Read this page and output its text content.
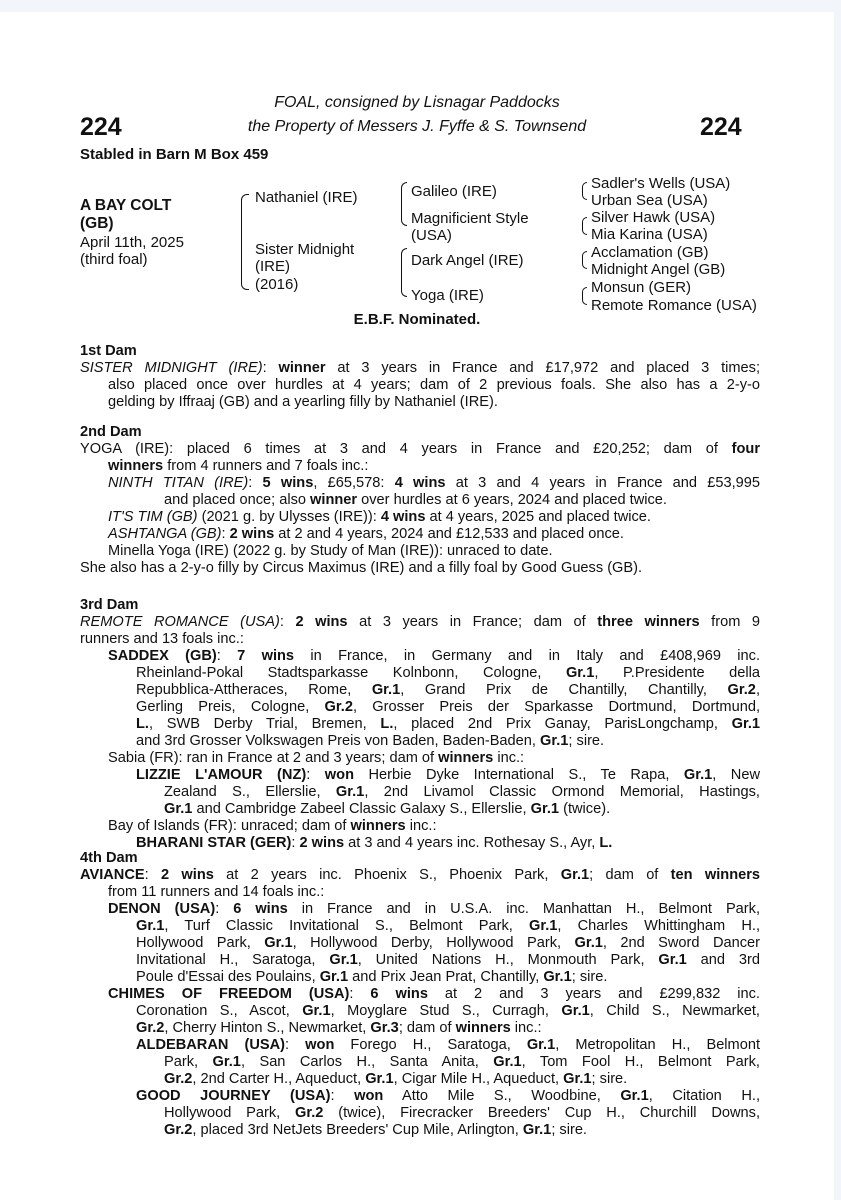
224	224
FOAL, consigned by Lisnagar Paddocks
the Property of Messers J. Fyffe & S. Townsend
Stabled in Barn M Box 459
A BAY COLT
(GB)
April 11th, 2025
(third foal)
Nathaniel (IRE)
Sister Midnight
(IRE)
(2016)
Galileo (IRE)
Magnificient Style
(USA)
Dark Angel (IRE)
Yoga (IRE)
Sadler's Wells (USA)
Urban Sea (USA)
Silver Hawk (USA)
Mia Karina (USA)
Acclamation (GB)
Midnight Angel (GB)
Monsun (GER)
Remote Romance (USA)
E.B.F. Nominated.

1st Dam

SISTER MIDNIGHT (IRE): winner at 3 years in France and £17,972 and placed 3 times;

also placed once over hurdles at 4 years; dam of 2 previous foals. She also has a 2-y-o

gelding by Iffraaj (GB) and a yearling filly by Nathaniel (IRE).

2nd Dam

YOGA (IRE): placed 6 times at 3 and 4 years in France and £20,252; dam of four

winners from 4 runners and 7 foals inc.:

NINTH TITAN (IRE): 5 wins, £65,578: 4 wins at 3 and 4 years in France and £53,995

and placed once; also winner over hurdles at 6 years, 2024 and placed twice.

IT'S TIM (GB) (2021 g. by Ulysses (IRE)): 4 wins at 4 years, 2025 and placed twice.

ASHTANGA (GB): 2 wins at 2 and 4 years, 2024 and £12,533 and placed once.

Minella Yoga (IRE) (2022 g. by Study of Man (IRE)): unraced to date.

She also has a 2-y-o filly by Circus Maximus (IRE) and a filly foal by Good Guess (GB).

3rd Dam

REMOTE ROMANCE (USA): 2 wins at 3 years in France; dam of three winners from 9

runners and 13 foals inc.:

SADDEX (GB): 7 wins in France, in Germany and in Italy and £408,969 inc.

Rheinland-Pokal Stadtsparkasse Kolnbonn, Cologne, Gr.1, P.Presidente della

Repubblica-Attheraces, Rome, Gr.1, Grand Prix de Chantilly, Chantilly, Gr.2,

Gerling Preis, Cologne, Gr.2, Grosser Preis der Sparkasse Dortmund, Dortmund,

L., SWB Derby Trial, Bremen, L., placed 2nd Prix Ganay, ParisLongchamp, Gr.1

and 3rd Grosser Volkswagen Preis von Baden, Baden-Baden, Gr.1; sire.

Sabia (FR): ran in France at 2 and 3 years; dam of winners inc.:

LIZZIE L'AMOUR (NZ): won Herbie Dyke International S., Te Rapa, Gr.1, New

Zealand S., Ellerslie, Gr.1, 2nd Livamol Classic Ormond Memorial, Hastings,

Gr.1 and Cambridge Zabeel Classic Galaxy S., Ellerslie, Gr.1 (twice).

Bay of Islands (FR): unraced; dam of winners inc.:

BHARANI STAR (GER): 2 wins at 3 and 4 years inc. Rothesay S., Ayr, L.

4th Dam

AVIANCE: 2 wins at 2 years inc. Phoenix S., Phoenix Park, Gr.1; dam of ten winners

from 11 runners and 14 foals inc.:

DENON (USA): 6 wins in France and in U.S.A. inc. Manhattan H., Belmont Park,

Gr.1, Turf Classic Invitational S., Belmont Park, Gr.1, Charles Whittingham H.,

Hollywood Park, Gr.1, Hollywood Derby, Hollywood Park, Gr.1, 2nd Sword Dancer

Invitational H., Saratoga, Gr.1, United Nations H., Monmouth Park, Gr.1 and 3rd

Poule d'Essai des Poulains, Gr.1 and Prix Jean Prat, Chantilly, Gr.1; sire.

CHIMES OF FREEDOM (USA): 6 wins at 2 and 3 years and £299,832 inc.

Coronation S., Ascot, Gr.1, Moyglare Stud S., Curragh, Gr.1, Child S., Newmarket,

Gr.2, Cherry Hinton S., Newmarket, Gr.3; dam of winners inc.:

ALDEBARAN (USA): won Forego H., Saratoga, Gr.1, Metropolitan H., Belmont

Park, Gr.1, San Carlos H., Santa Anita, Gr.1, Tom Fool H., Belmont Park,

Gr.2, 2nd Carter H., Aqueduct, Gr.1, Cigar Mile H., Aqueduct, Gr.1; sire.

GOOD JOURNEY (USA): won Atto Mile S., Woodbine, Gr.1, Citation H.,

Hollywood Park, Gr.2 (twice), Firecracker Breeders' Cup H., Churchill Downs,

Gr.2, placed 3rd NetJets Breeders' Cup Mile, Arlington, Gr.1; sire.
